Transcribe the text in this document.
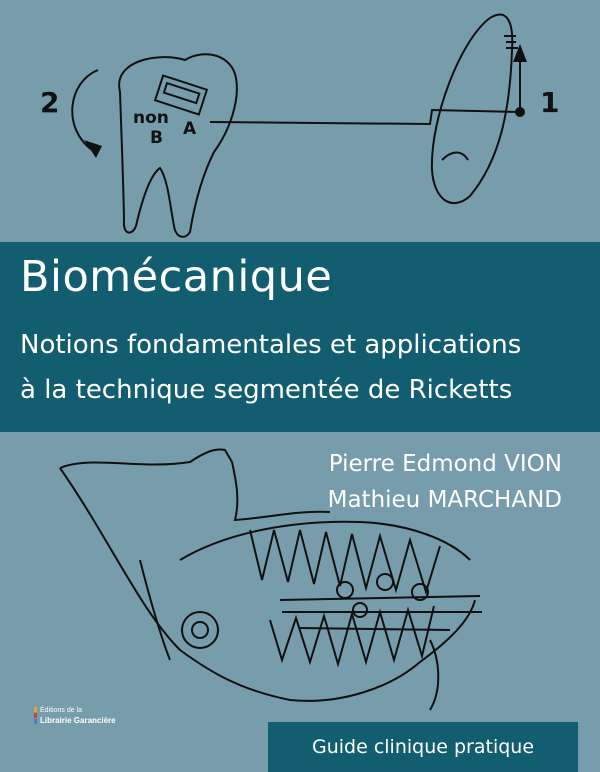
2	1
non
B A
Biomécanique
Notions fondamentales et applications
à la technique segmentée de Ricketts
Pierre Edmond VION
Mathieu MARCHAND
Éditions de la
Librairie Garancière
Guide clinique pratique
